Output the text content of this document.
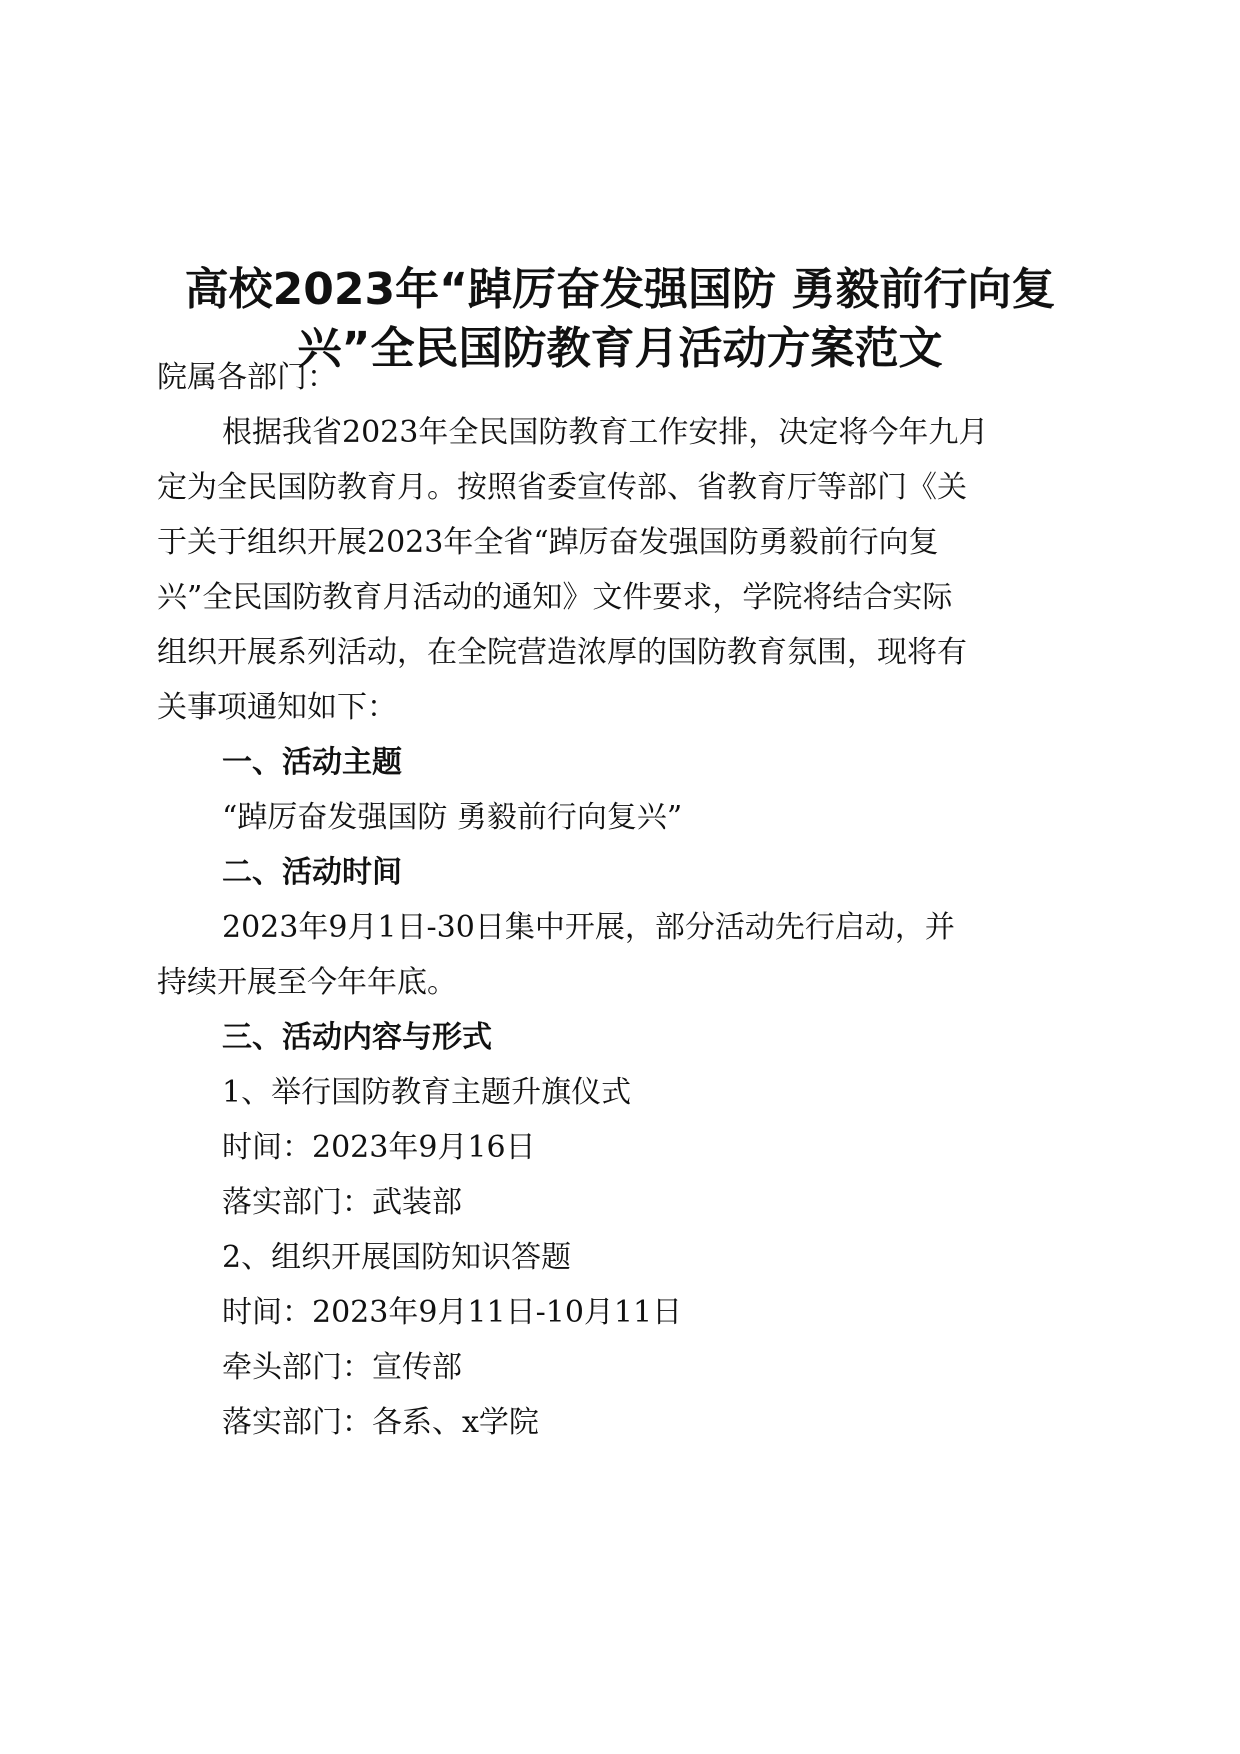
高校2023年“踔厉奋发强国防 勇毅前行向复
兴”全民国防教育月活动方案范文

院属各部门：

根据我省2023年全民国防教育工作安排，决定将今年九月

定为全民国防教育月。按照省委宣传部、省教育厅等部门《关

于关于组织开展2023年全省“踔厉奋发强国防勇毅前行向复

兴”全民国防教育月活动的通知》文件要求，学院将结合实际

组织开展系列活动，在全院营造浓厚的国防教育氛围，现将有

关事项通知如下：

一、活动主题

“踔厉奋发强国防 勇毅前行向复兴”

二、活动时间

2023年9月1日-30日集中开展，部分活动先行启动，并

持续开展至今年年底。

三、活动内容与形式

1、举行国防教育主题升旗仪式

时间：2023年9月16日

落实部门：武装部

2、组织开展国防知识答题

时间：2023年9月11日-10月11日

牵头部门：宣传部

落实部门：各系、x学院
